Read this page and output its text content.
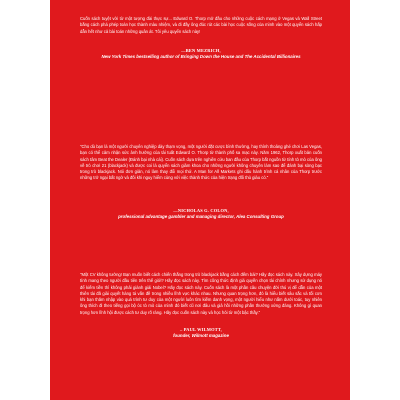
Cuốn sách tuyệt vời từ một tượng đài thực sự... Edward O. Thorp mở đầu cho những cuộc cách mạng ở Vegas và Wall Street bằng cách phá phép toán học thành màu nhiệm, và đi đầy ông đúc rút các bài học cuộc sống của mình vào một quyển sách hấp dẫn hết như cả bài toán những quân át. Tôi yêu quyển sách này!

—BEN MEZRICH,
New York Times bestselling author of Bringing Down the House and The Accidental Billionaires

"Cho dù bạn là một người chuyên nghiệp dày thạm vọng, một người đặt cược bình thường, hay thính thoảng ghé chơi Las Vegas, bạn có thể cảm nhận sức ảnh hưởng của tài tuất Edward O. Thorp từ thành phố sa mạc này. Năm 1962, Thorp xuất bản cuốn sách tâm Beat the Dealer (Đánh bại nhà cái). Cuốn sách dựa trên nghiên cứu ban đầu của Thorp bắt nguồn từ tính tỏ mò của ông về trò chơi 21 (blackjack) và được coi là quyển sách giảm khoa cho những người không chuyên làm sao để đánh bại sòng bạc trong trò blackjack. Nói đơn giản, nó làm thay đổi mọi thứ. A Man for All Markets ghi dấu hành trình cá nhân của Thorp trước những trở ngại bất ngờ và đôi khi nguy hiểm cùng với việc thành thức của hiện trạng đối thủ giàu có."

—NICHOLAS G. COLON,
professional advantage gambler and managing director, Alea Consulting Group

"Một CV không tưởng! Bạn muốn biết cách chiến thắng trong trò blackjack bằng cách đếm bài? Hãy đọc sách này. Xây dựng máy tính mang theo người đầu tiên trên thế giới? Hãy đọc sách này. Tìm công thức định giá quyền chọn tài chính nhưng sử dụng nó để kiếm tiền thì không phải giành giải Nobel? Hãy đọc sách này. Cuốn sách là một phần câu chuyện đời thú vị để dẫn của một thiên tài đã giải quyết hàng tá vấn đề trong nhiều lĩnh vực khác nhau. Nhưng quan trọng hơn, đó là hiểu biết sâu sắc và tối cơn khi bạn thăm nhập vào quá trình tư duy của một người luôn tìm kiếm danh vọng, một người hiểu như nắm dưới toác, tuy nhiên ông thích đi theo tiếng gọi bộ óc tò mò của mình đó biết cũ nơi đâu và giả hồi những phần thưởng xứng đáng. Không gì quan trọng hơn lĩnh hội được cách tư duy rõ ràng. Hãy đọc cuốn sách này và học hỏi từ một bậc thầy."

– PAUL WILMOTT,
founder, Wilmott magazine
